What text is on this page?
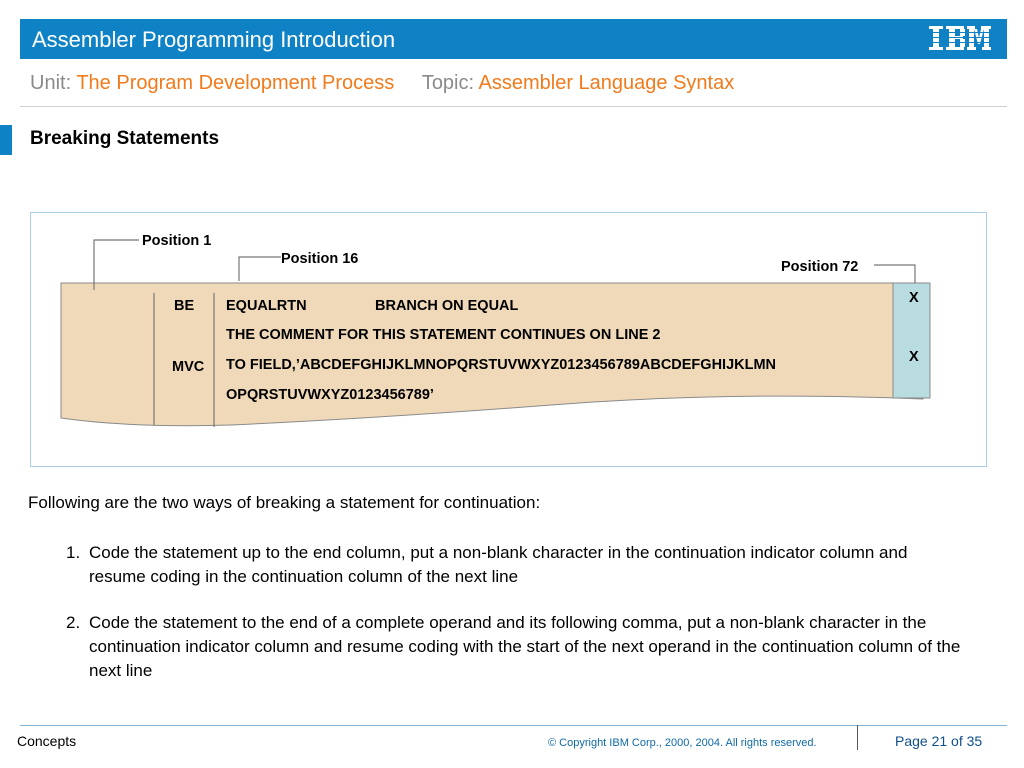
Assembler Programming Introduction
Unit: The Program Development Process Topic: Assembler Language Syntax
Breaking Statements
Position 1
Position 16	Position 72
BE EQUALRTN	BRANCH ON EQUAL	X
THE COMMENT FOR THIS STATEMENT CONTINUES ON LINE 2
MVC TO FIELD,’ABCDEFGHIJKLMNOPQRSTUVWXYZ0123456789ABCDEFGHIJKLMN	X
OPQRSTUVWXYZ0123456789’
Following are the two ways of breaking a statement for continuation:
1. Code the statement up to the end column, put a non-blank character in the continuation indicator column and resume coding in the continuation column of the next line
2. Code the statement to the end of a complete operand and its following comma, put a non-blank character in the continuation indicator column and resume coding with the start of the next operand in the continuation column of the next line
Concepts	© Copyright IBM Corp., 2000, 2004. All rights reserved.	Page 21 of 35
